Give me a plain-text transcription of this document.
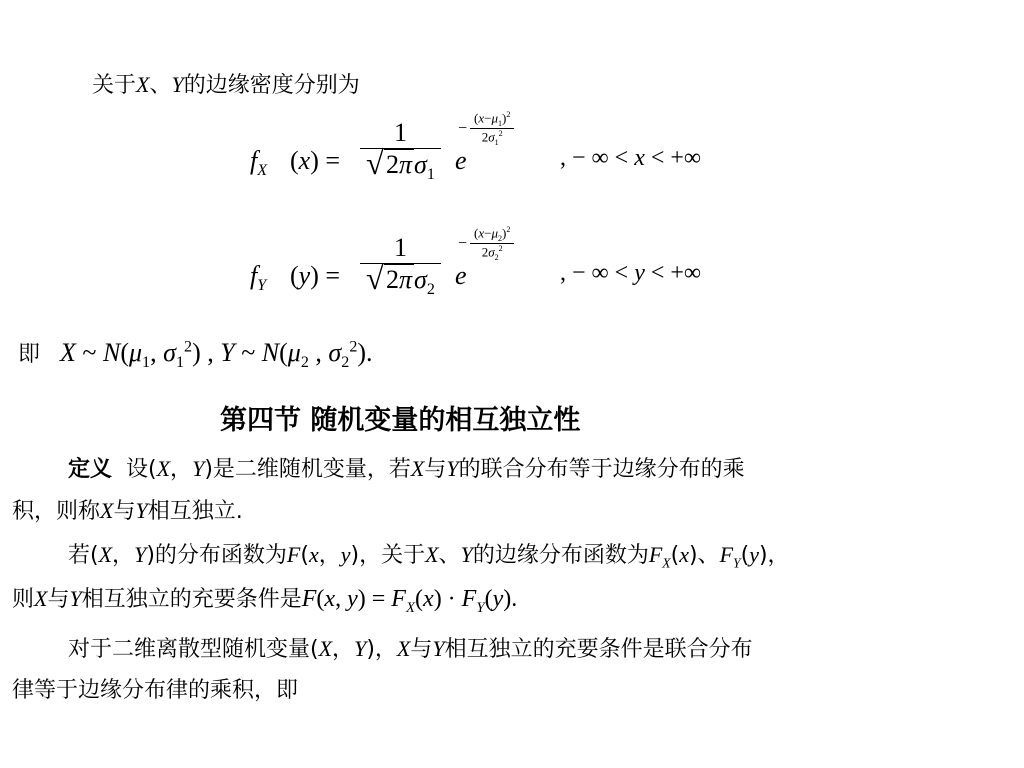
关于X、Y的边缘密度分别为
$f_X$ $(x) = \frac{1}{√ 2\pi\sigma_1}$ e
−
$(x-\mu_1)^2$
$2\sigma_1^2$
, − ∞ < x < +∞
$f_Y$ $(y) = \frac{1}{√ 2\pi\sigma_2}$ e
−
$(x-\mu_2)^2$
$2\sigma_2^2$
, − ∞ < y < +∞
即 X ~ $N(\mu_1$, $\sigma_1^2$) , Y ~ $N(\mu_2$ , $\sigma_2^2$).
第四节 随机变量的相互独立性
定义  设(X，Y)是二维随机变量，若X与Y的联合分布等于边缘分布的乘
积，则称X与Y相互独立.
若(X，Y)的分布函数为F(x，y)，关于X、Y的边缘分布函数为$F_X(x)$、$F_Y(y)$，
则X与Y相互独立的充要条件是F(x, $y) = F_X(x) \cdot F_Y(y)$.
对于二维离散型随机变量(X，Y)，X与Y相互独立的充要条件是联合分布
律等于边缘分布律的乘积，即
